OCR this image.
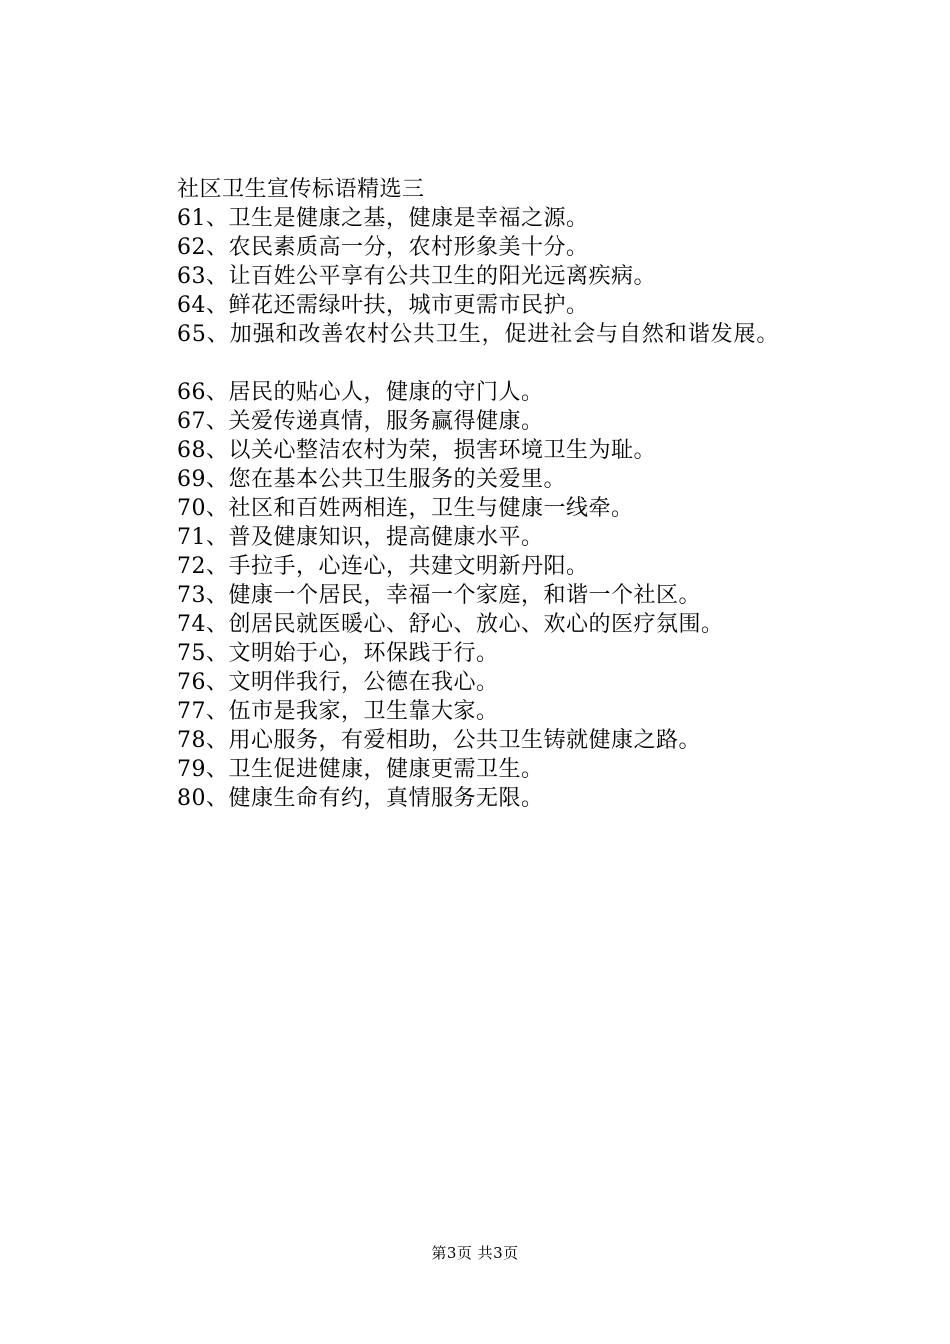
社区卫生宣传标语精选三
61、卫生是健康之基，健康是幸福之源。
62、农民素质高一分，农村形象美十分。
63、让百姓公平享有公共卫生的阳光远离疾病。
64、鲜花还需绿叶扶，城市更需市民护。
65、加强和改善农村公共卫生，促进社会与自然和谐发展。
66、居民的贴心人，健康的守门人。
67、关爱传递真情，服务赢得健康。
68、以关心整洁农村为荣，损害环境卫生为耻。
69、您在基本公共卫生服务的关爱里。
70、社区和百姓两相连，卫生与健康一线牵。
71、普及健康知识，提高健康水平。
72、手拉手，心连心，共建文明新丹阳。
73、健康一个居民，幸福一个家庭，和谐一个社区。
74、创居民就医暖心、舒心、放心、欢心的医疗氛围。
75、文明始于心，环保践于行。
76、文明伴我行，公德在我心。
77、伍市是我家，卫生靠大家。
78、用心服务，有爱相助，公共卫生铸就健康之路。
79、卫生促进健康，健康更需卫生。
80、健康生命有约，真情服务无限。
第3页 共3页
